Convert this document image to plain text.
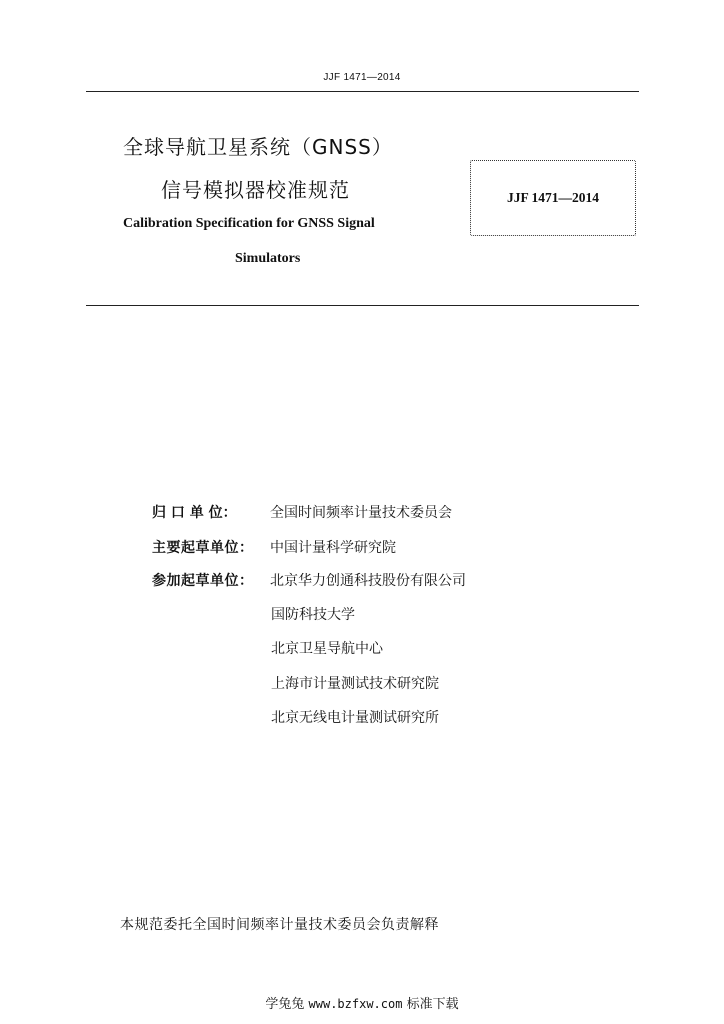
JJF 1471—2014
全球导航卫星系统（GNSS）
信号模拟器校准规范
Calibration Specification for GNSS Signal
Simulators
JJF 1471—2014
归 口 单 位： 全国时间频率计量技术委员会
主要起草单位： 中国计量科学研究院
参加起草单位： 北京华力创通科技股份有限公司
国防科技大学
北京卫星导航中心
上海市计量测试技术研究院
北京无线电计量测试研究所
本规范委托全国时间频率计量技术委员会负责解释
学兔兔 www.bzfxw.com 标准下载
